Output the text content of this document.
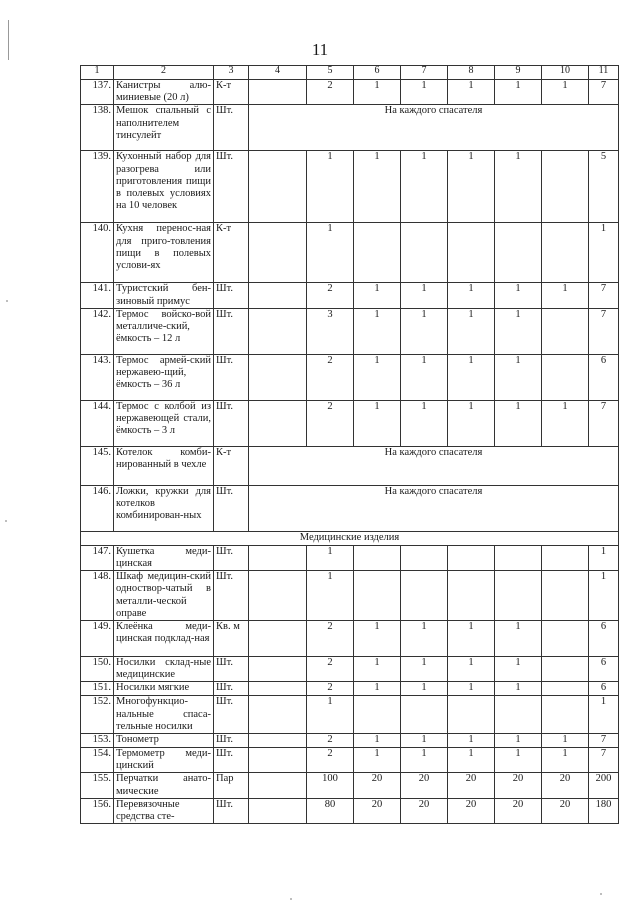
11
1	2	3	4	5	6	7	8	9	10	11
137.	Канистры алю-миниевые (20 л)	К-т		2	1	1	1	1	1	7
138.	Мешок спальный с наполнителем тинсулейт	Шт.	На каждого спасателя							
139.	Кухонный набор для разогрева или приготовления пищи в полевых условиях на 10 человек	Шт.		1	1	1	1	1		5
140.	Кухня перенос-ная для приго-товления пищи в полевых услови-ях	К-т		1						1
141.	Туристский бен-зиновый примус	Шт.		2	1	1	1	1	1	7
142.	Термос войско-вой металличе-ский, ёмкость – 12 л	Шт.		3	1	1	1	1		7
143.	Термос армей-ский нержавею-щий, ёмкость – 36 л	Шт.		2	1	1	1	1		6
144.	Термос с колбой из нержавеющей стали, ёмкость – 3 л	Шт.		2	1	1	1	1	1	7
145.	Котелок комби-нированный в чехле	К-т	На каждого спасателя							
146.	Ложки, кружки для котелков комбинирован-ных	Шт.	На каждого спасателя							
Медицинские изделия										
147.	Кушетка меди-цинская	Шт.		1						1
148.	Шкаф медицин-ский одноствор-чатый в металли-ческой оправе	Шт.		1						1
149.	Клеёнка меди-цинская подклад-ная	Кв. м		2	1	1	1	1		6
150.	Носилки склад-ные медицинские	Шт.		2	1	1	1	1		6
151.	Носилки мягкие	Шт.		2	1	1	1	1		6
152.	Многофункцио-нальные спаса-тельные носилки	Шт.		1						1
153.	Тонометр	Шт.		2	1	1	1	1	1	7
154.	Термометр меди-цинский	Шт.		2	1	1	1	1	1	7
155.	Перчатки анато-мические	Пар		100	20	20	20	20	20	200
156.	Перевязочные средства сте-	Шт.		80	20	20	20	20	20	180
